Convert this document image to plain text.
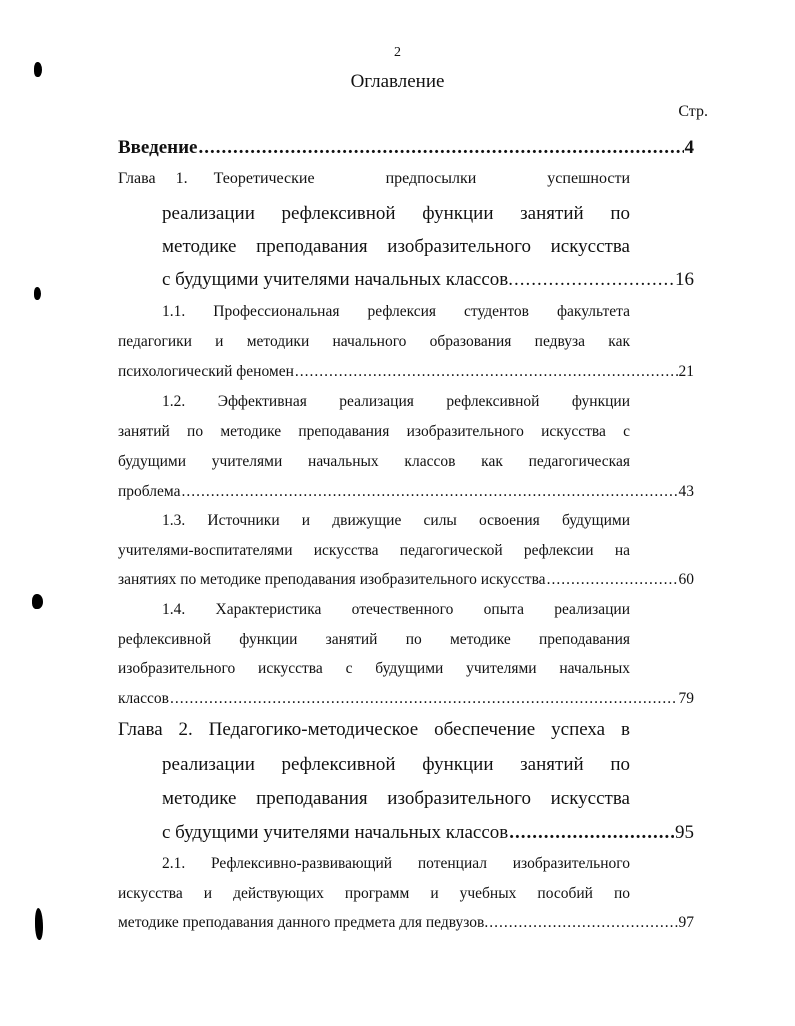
2
Оглавление
Стр.
Введение .....	4
Глава 1. Теоретические предпосылки успешности
реализации рефлексивной функции занятий по
методике преподавания изобразительного искусства
с будущими учителями начальных классов. .....	16
1.1. Профессиональная рефлексия студентов факультета
педагогики и методики начального образования педвуза как
психологический феномен .....	21
1.2. Эффективная реализация рефлексивной функции
занятий по методике преподавания изобразительного искусства с
будущими учителями начальных классов как педагогическая
проблема .....	43
1.3. Источники и движущие силы освоения будущими
учителями-воспитателями искусства педагогической рефлексии на
занятиях по методике преподавания изобразительного искусства .....	60
1.4. Характеристика отечественного опыта реализации
рефлексивной функции занятий по методике преподавания
изобразительного искусства с будущими учителями начальных
классов .....	79
Глава 2. Педагогико-методическое обеспечение успеха в
реализации рефлексивной функции занятий по
методике преподавания изобразительного искусства
с будущими учителями начальных классов .....	95
2.1. Рефлексивно-развивающий потенциал изобразительного
искусства и действующих программ и учебных пособий по
методике преподавания данного предмета для педвузов. .....	97
